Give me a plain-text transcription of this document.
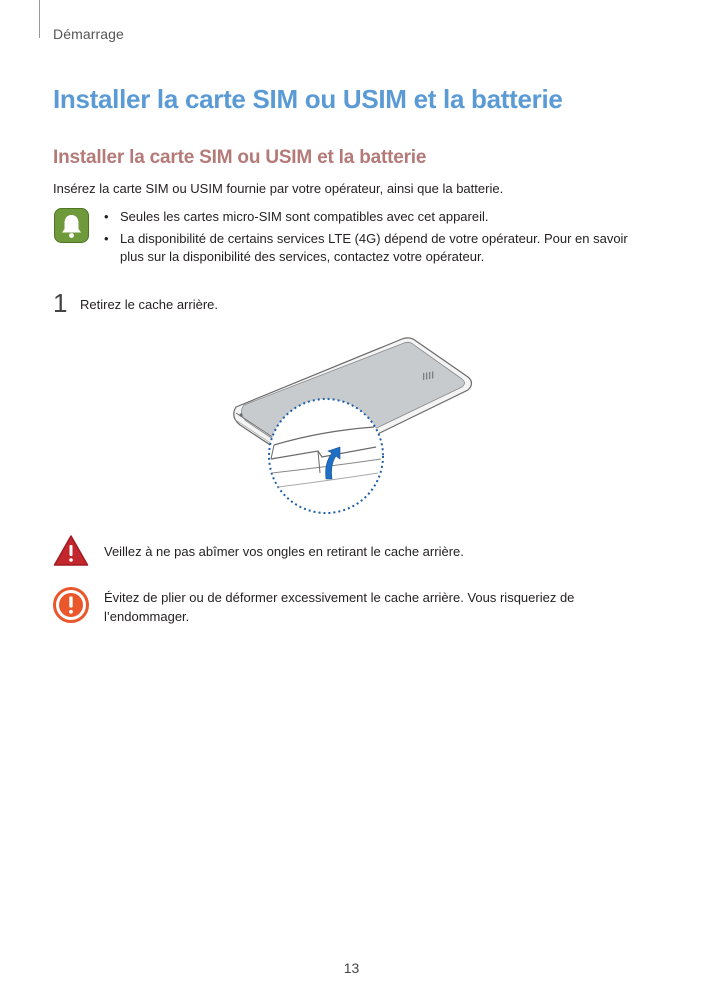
Démarrage
Installer la carte SIM ou USIM et la batterie
Installer la carte SIM ou USIM et la batterie

Insérez la carte SIM ou USIM fournie par votre opérateur, ainsi que la batterie.

• Seules les cartes micro-SIM sont compatibles avec cet appareil.
• La disponibilité de certains services LTE (4G) dépend de votre opérateur. Pour en savoir plus sur la disponibilité des services, contactez votre opérateur.
1 Retirez le cache arrière.
Veillez à ne pas abîmer vos ongles en retirant le cache arrière.

Évitez de plier ou de déformer excessivement le cache arrière. Vous risqueriez de l’endommager.

13
